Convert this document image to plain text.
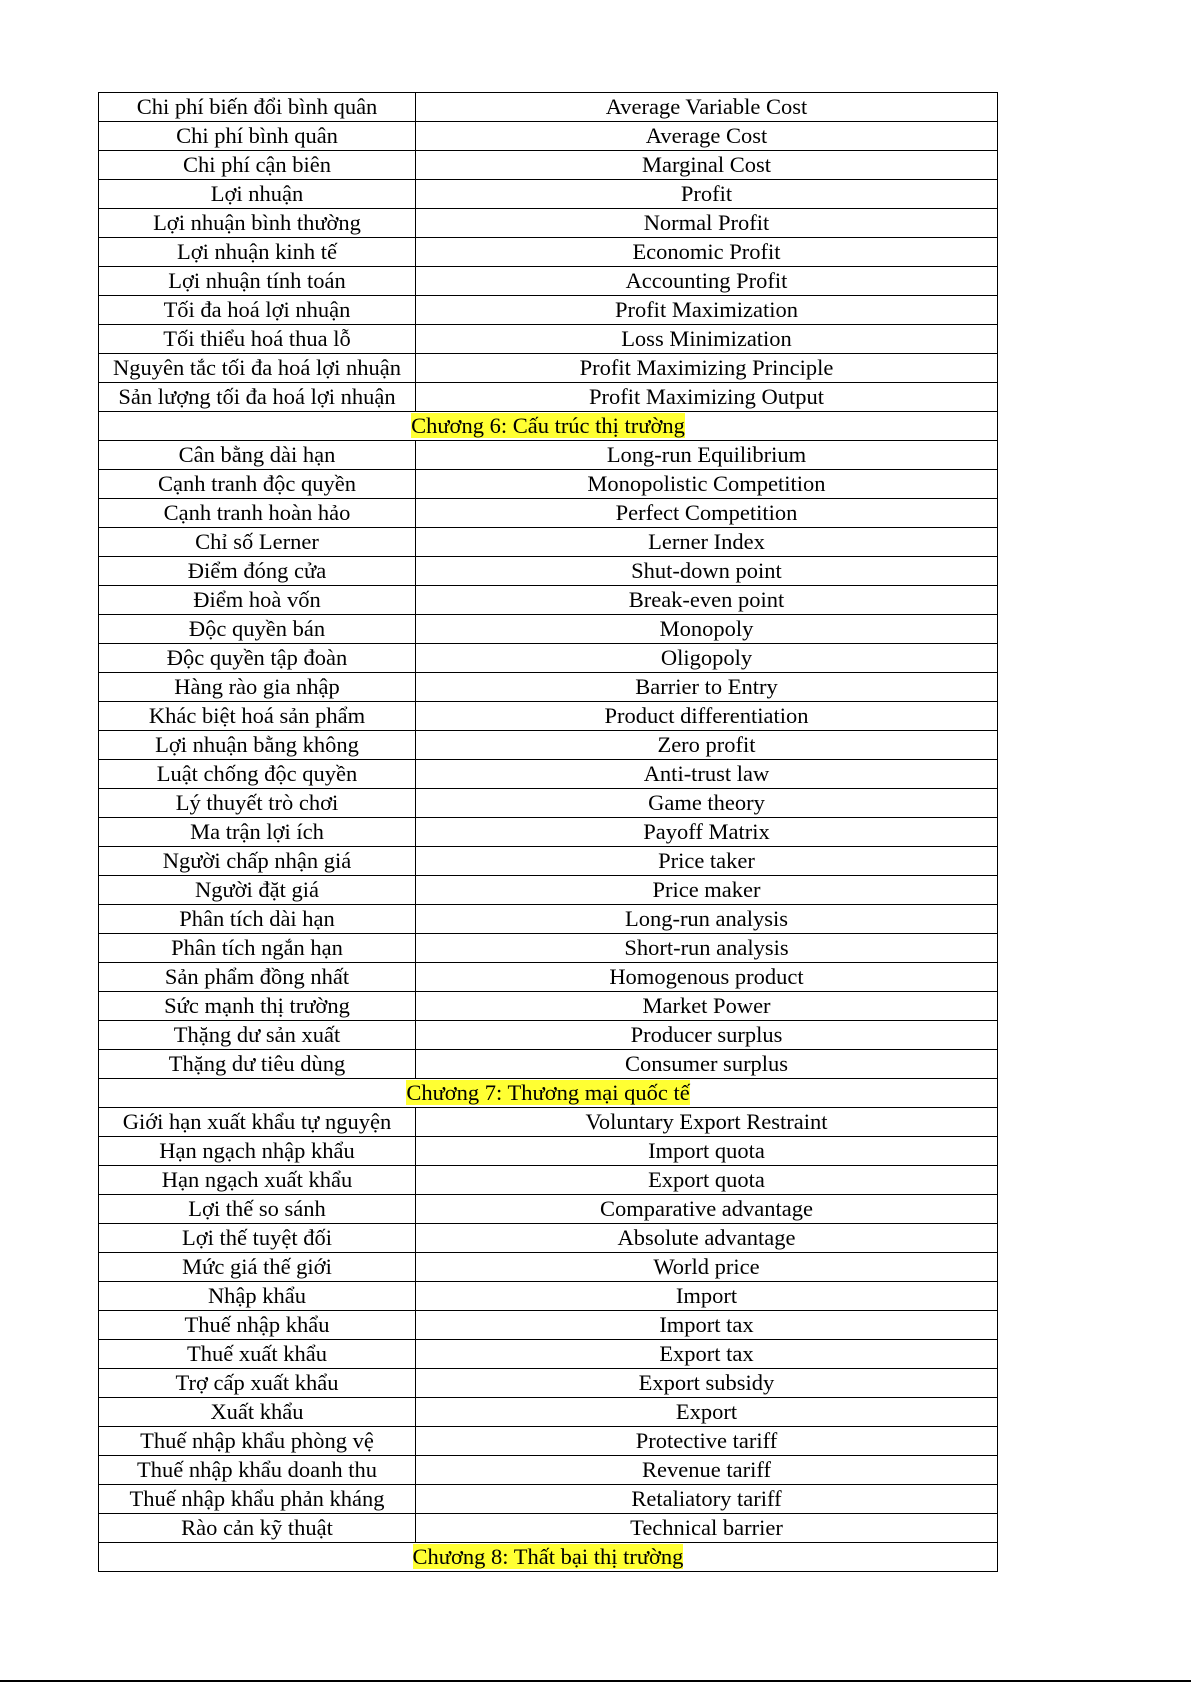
Chi phí biến đổi bình quân	Average Variable Cost
Chi phí bình quân	Average Cost
Chi phí cận biên	Marginal Cost
Lợi nhuận	Profit
Lợi nhuận bình thường	Normal Profit
Lợi nhuận kinh tế	Economic Profit
Lợi nhuận tính toán	Accounting Profit
Tối đa hoá lợi nhuận	Profit Maximization
Tối thiểu hoá thua lỗ	Loss Minimization
Nguyên tắc tối đa hoá lợi nhuận	Profit Maximizing Principle
Sản lượng tối đa hoá lợi nhuận	Profit Maximizing Output
Chương 6: Cấu trúc thị trường	
Cân bằng dài hạn	Long-run Equilibrium
Cạnh tranh độc quyền	Monopolistic Competition
Cạnh tranh hoàn hảo	Perfect Competition
Chỉ số Lerner	Lerner Index
Điểm đóng cửa	Shut-down point
Điểm hoà vốn	Break-even point
Độc quyền bán	Monopoly
Độc quyền tập đoàn	Oligopoly
Hàng rào gia nhập	Barrier to Entry
Khác biệt hoá sản phẩm	Product differentiation
Lợi nhuận bằng không	Zero profit
Luật chống độc quyền	Anti-trust law
Lý thuyết trò chơi	Game theory
Ma trận lợi ích	Payoff Matrix
Người chấp nhận giá	Price taker
Người đặt giá	Price maker
Phân tích dài hạn	Long-run analysis
Phân tích ngắn hạn	Short-run analysis
Sản phẩm đồng nhất	Homogenous product
Sức mạnh thị trường	Market Power
Thặng dư sản xuất	Producer surplus
Thặng dư tiêu dùng	Consumer surplus
Chương 7: Thương mại quốc tế	
Giới hạn xuất khẩu tự nguyện	Voluntary Export Restraint
Hạn ngạch nhập khẩu	Import quota
Hạn ngạch xuất khẩu	Export quota
Lợi thế so sánh	Comparative advantage
Lợi thế tuyệt đối	Absolute advantage
Mức giá thế giới	World price
Nhập khẩu	Import
Thuế nhập khẩu	Import tax
Thuế xuất khẩu	Export tax
Trợ cấp xuất khẩu	Export subsidy
Xuất khẩu	Export
Thuế nhập khẩu phòng vệ	Protective tariff
Thuế nhập khẩu doanh thu	Revenue tariff
Thuế nhập khẩu phản kháng	Retaliatory tariff
Rào cản kỹ thuật	Technical barrier
Chương 8: Thất bại thị trường	
